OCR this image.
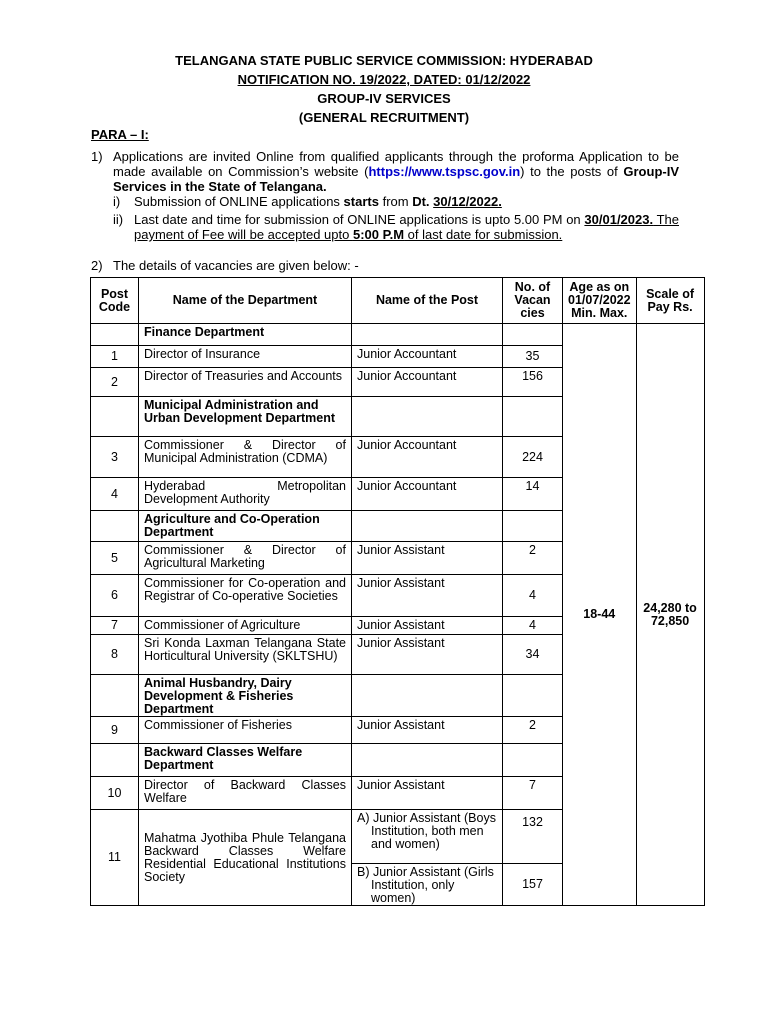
TELANGANA STATE PUBLIC SERVICE COMMISSION: HYDERABAD
NOTIFICATION NO. 19/2022, DATED: 01/12/2022
GROUP-IV SERVICES
(GENERAL RECRUITMENT)
PARA – I:
1) Applications are invited Online from qualified applicants through the proforma Application to be made available on Commission’s website (https://www.tspsc.gov.in) to the posts of Group-IV Services in the State of Telangana.
i) Submission of ONLINE applications starts from Dt. 30/12/2022.
ii) Last date and time for submission of ONLINE applications is upto 5.00 PM on 30/01/2023. The payment of Fee will be accepted upto 5:00 P.M of last date for submission.
2) The details of vacancies are given below: -
Post Code	Name of the Department	Name of the Post	No. of Vacan cies	Age as on 01/07/2022 Min. Max.	Scale of Pay Rs.
	Finance Department			18-44	24,280 to 72,850
1	Director of Insurance	Junior Accountant	35		
2	Director of Treasuries and Accounts	Junior Accountant	156		
	Municipal Administration and Urban Development Department				
3	Commissioner & Director of Municipal Administration (CDMA)	Junior Accountant	224		
4	Hyderabad Metropolitan Development Authority	Junior Accountant	14		
	Agriculture and Co-Operation Department				
5	Commissioner & Director of Agricultural Marketing	Junior Assistant	2		
6	Commissioner for Co-operation and Registrar of Co-operative Societies	Junior Assistant	4		
7	Commissioner of Agriculture	Junior Assistant	4		
8	Sri Konda Laxman Telangana State Horticultural University (SKLTSHU)	Junior Assistant	34		
	Animal Husbandry, Dairy Development & Fisheries Department				
9	Commissioner of Fisheries	Junior Assistant	2		
	Backward Classes Welfare Department				
10	Director of Backward Classes Welfare	Junior Assistant	7		
11	Mahatma Jyothiba Phule Telangana Backward Classes Welfare Residential Educational Institutions Society	A) Junior Assistant (Boys Institution, both men and women)	132		
		B) Junior Assistant (Girls Institution, only women)	157		
